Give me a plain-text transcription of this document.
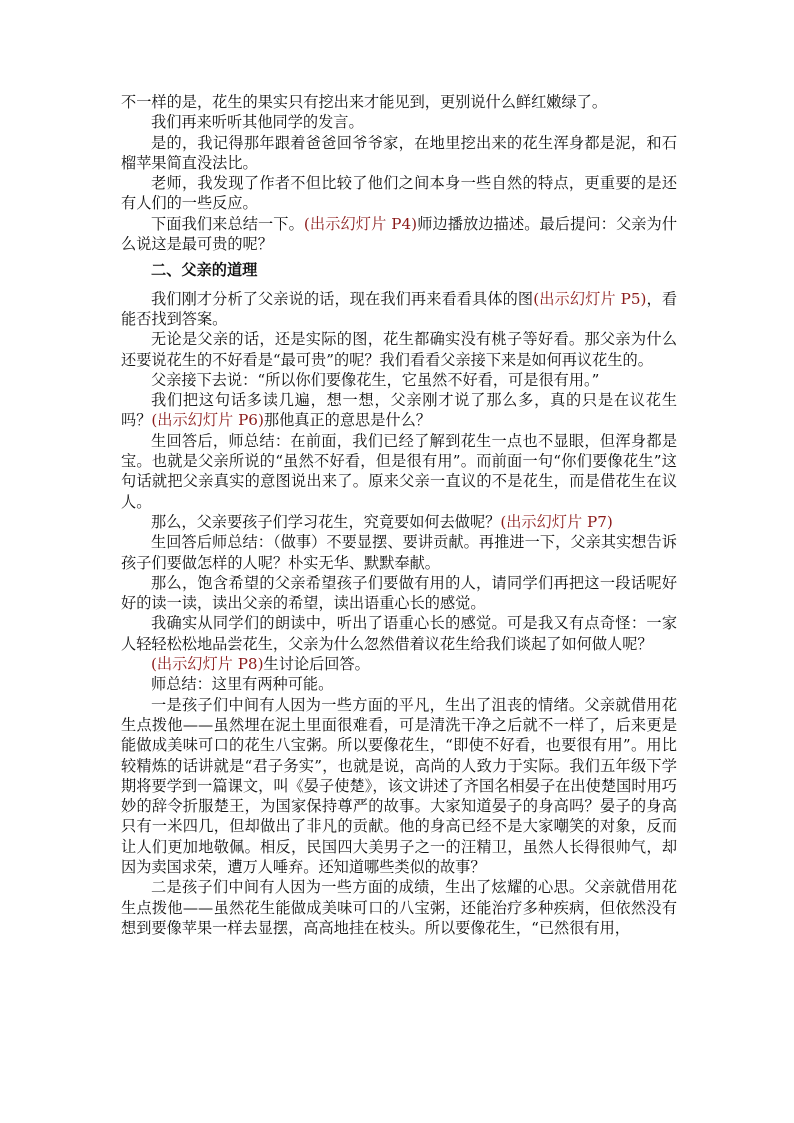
不一样的是，花生的果实只有挖出来才能见到，更别说什么鲜红嫩绿了。

我们再来听听其他同学的发言。

是的，我记得那年跟着爸爸回爷爷家，在地里挖出来的花生浑身都是泥，和石榴苹果简直没法比。

老师，我发现了作者不但比较了他们之间本身一些自然的特点，更重要的是还有人们的一些反应。

下面我们来总结一下。(出示幻灯片 P4)师边播放边描述。最后提问：父亲为什么说这是最可贵的呢？

二、父亲的道理

我们刚才分析了父亲说的话，现在我们再来看看具体的图(出示幻灯片 P5)，看能否找到答案。

无论是父亲的话，还是实际的图，花生都确实没有桃子等好看。那父亲为什么还要说花生的不好看是“最可贵”的呢？我们看看父亲接下来是如何再议花生的。

父亲接下去说：“所以你们要像花生，它虽然不好看，可是很有用。”

我们把这句话多读几遍，想一想，父亲刚才说了那么多，真的只是在议花生吗？(出示幻灯片 P6)那他真正的意思是什么？

生回答后，师总结：在前面，我们已经了解到花生一点也不显眼，但浑身都是宝。也就是父亲所说的“虽然不好看，但是很有用”。而前面一句“你们要像花生”这句话就把父亲真实的意图说出来了。原来父亲一直议的不是花生，而是借花生在议人。

那么，父亲要孩子们学习花生，究竟要如何去做呢？(出示幻灯片 P7)

生回答后师总结：（做事）不要显摆、要讲贡献。再推进一下，父亲其实想告诉孩子们要做怎样的人呢？朴实无华、默默奉献。

那么，饱含希望的父亲希望孩子们要做有用的人，请同学们再把这一段话呢好好的读一读，读出父亲的希望，读出语重心长的感觉。

我确实从同学们的朗读中，听出了语重心长的感觉。可是我又有点奇怪：一家人轻轻松松地品尝花生，父亲为什么忽然借着议花生给我们谈起了如何做人呢？

(出示幻灯片 P8)生讨论后回答。

师总结：这里有两种可能。

一是孩子们中间有人因为一些方面的平凡，生出了沮丧的情绪。父亲就借用花生点拨他——虽然埋在泥土里面很难看，可是清洗干净之后就不一样了，后来更是能做成美味可口的花生八宝粥。所以要像花生，“即使不好看，也要很有用”。用比较精炼的话讲就是“君子务实”，也就是说，高尚的人致力于实际。我们五年级下学期将要学到一篇课文，叫《晏子使楚》，该文讲述了齐国名相晏子在出使楚国时用巧妙的辞令折服楚王，为国家保持尊严的故事。大家知道晏子的身高吗？晏子的身高只有一米四几，但却做出了非凡的贡献。他的身高已经不是大家嘲笑的对象，反而让人们更加地敬佩。相反，民国四大美男子之一的汪精卫，虽然人长得很帅气，却因为卖国求荣，遭万人唾弃。还知道哪些类似的故事？

二是孩子们中间有人因为一些方面的成绩，生出了炫耀的心思。父亲就借用花生点拨他——虽然花生能做成美味可口的八宝粥，还能治疗多种疾病，但依然没有想到要像苹果一样去显摆，高高地挂在枝头。所以要像花生，“已然很有用，
